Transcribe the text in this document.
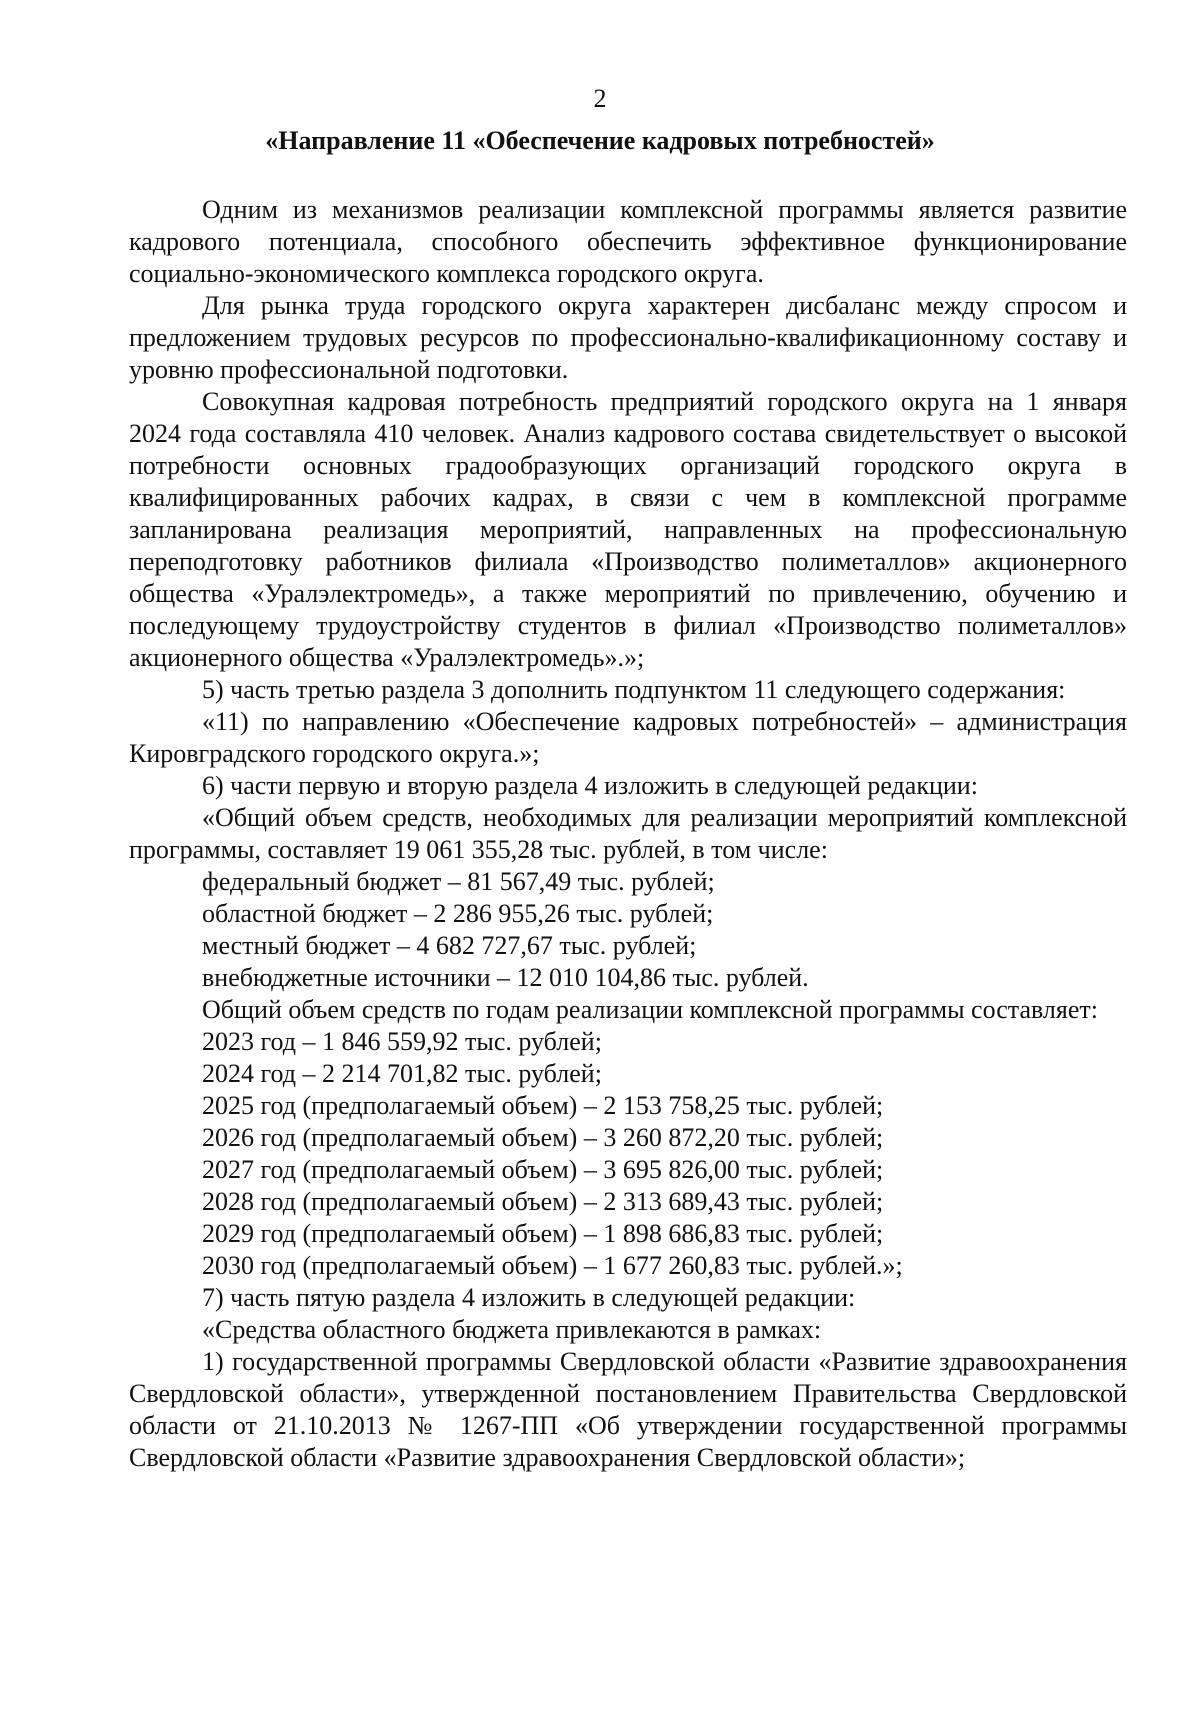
2
«Направление 11 «Обеспечение кадровых потребностей»

Одним из механизмов реализации комплексной программы является развитие кадрового потенциала, способного обеспечить эффективное функционирование социально-экономического комплекса городского округа.

Для рынка труда городского округа характерен дисбаланс между спросом и предложением трудовых ресурсов по профессионально-квалификационному составу и уровню профессиональной подготовки.

Совокупная кадровая потребность предприятий городского округа на 1 января 2024 года составляла 410 человек. Анализ кадрового состава свидетельствует о высокой потребности основных градообразующих организаций городского округа в квалифицированных рабочих кадрах, в связи с чем в комплексной программе запланирована реализация мероприятий, направленных на профессиональную переподготовку работников филиала «Производство полиметаллов» акционерного общества «Уралэлектромедь», а также мероприятий по привлечению, обучению и последующему трудоустройству студентов в филиал «Производство полиметаллов» акционерного общества «Уралэлектромедь».»;

5) часть третью раздела 3 дополнить подпунктом 11 следующего содержания:

«11) по направлению «Обеспечение кадровых потребностей» – администрация Кировградского городского округа.»;

6) части первую и вторую раздела 4 изложить в следующей редакции:

«Общий объем средств, необходимых для реализации мероприятий комплексной программы, составляет 19 061 355,28 тыс. рублей, в том числе:

федеральный бюджет – 81 567,49 тыс. рублей;

областной бюджет – 2 286 955,26 тыс. рублей;

местный бюджет – 4 682 727,67 тыс. рублей;

внебюджетные источники – 12 010 104,86 тыс. рублей.

Общий объем средств по годам реализации комплексной программы составляет:

2023 год – 1 846 559,92 тыс. рублей;

2024 год – 2 214 701,82 тыс. рублей;

2025 год (предполагаемый объем) – 2 153 758,25 тыс. рублей;

2026 год (предполагаемый объем) – 3 260 872,20 тыс. рублей;

2027 год (предполагаемый объем) – 3 695 826,00 тыс. рублей;

2028 год (предполагаемый объем) – 2 313 689,43 тыс. рублей;

2029 год (предполагаемый объем) – 1 898 686,83 тыс. рублей;

2030 год (предполагаемый объем) – 1 677 260,83 тыс. рублей.»;

7) часть пятую раздела 4 изложить в следующей редакции:

«Средства областного бюджета привлекаются в рамках:

1) государственной программы Свердловской области «Развитие здравоохранения Свердловской области», утвержденной постановлением Правительства Свердловской области от 21.10.2013 № 1267-ПП «Об утверждении государственной программы Свердловской области «Развитие здравоохранения Свердловской области»;
